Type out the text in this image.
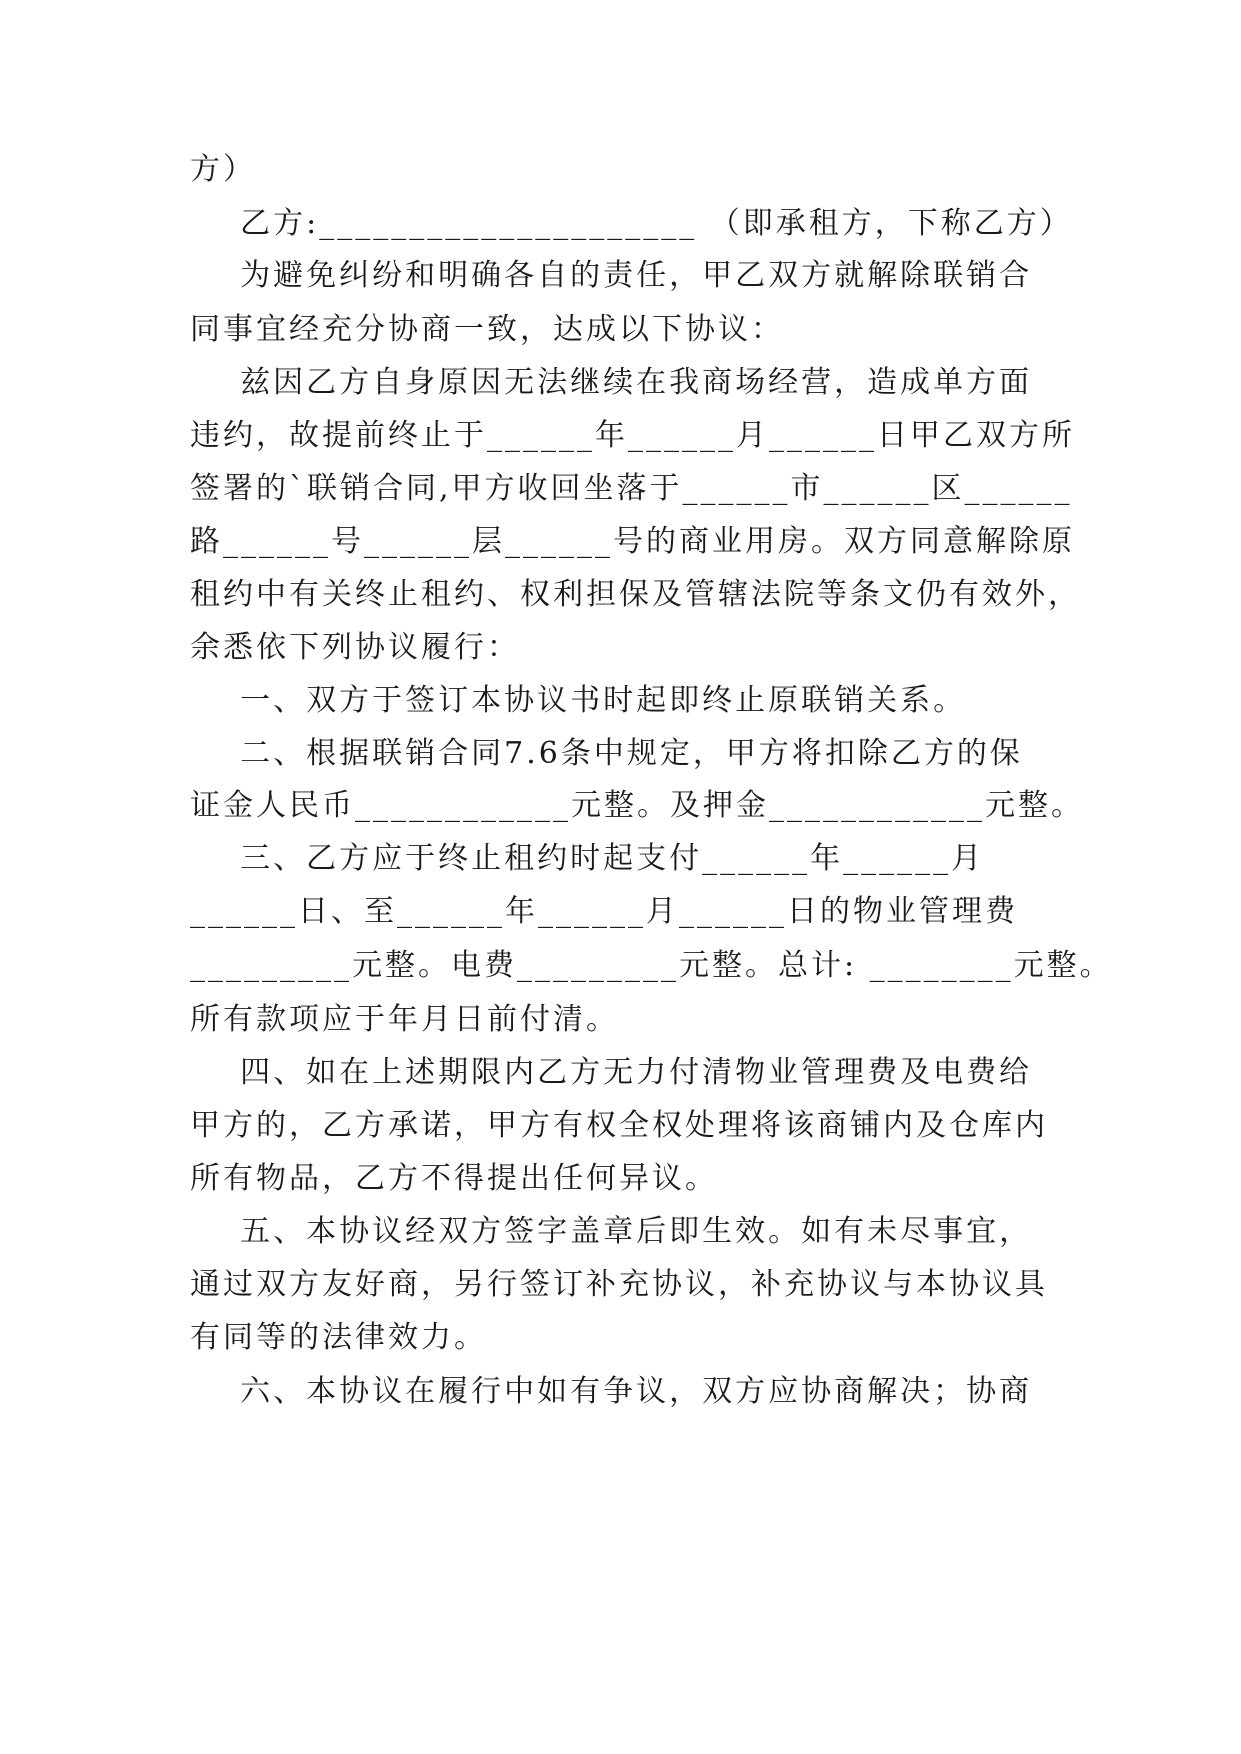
方）
乙方:_____________________ （即承租方，下称乙方）
为避免纠纷和明确各自的责任，甲乙双方就解除联销合
同事宜经充分协商一致，达成以下协议：
兹因乙方自身原因无法继续在我商场经营，造成单方面
违约，故提前终止于______年______月______日甲乙双方所
签署的`联销合同,甲方收回坐落于______市______区______
路______号______层______号的商业用房。双方同意解除原
租约中有关终止租约、权利担保及管辖法院等条文仍有效外，
余悉依下列协议履行：
一、双方于签订本协议书时起即终止原联销关系。
二、根据联销合同7.6条中规定，甲方将扣除乙方的保
证金人民币____________元整。及押金____________元整。
三、乙方应于终止租约时起支付______年______月
______日、至______年______月______日的物业管理费
_________元整。电费_________元整。总计: ________元整。
所有款项应于年月日前付清。
四、如在上述期限内乙方无力付清物业管理费及电费给
甲方的，乙方承诺，甲方有权全权处理将该商铺内及仓库内
所有物品，乙方不得提出任何异议。
五、本协议经双方签字盖章后即生效。如有未尽事宜，
通过双方友好商，另行签订补充协议，补充协议与本协议具
有同等的法律效力。
六、本协议在履行中如有争议，双方应协商解决；协商
